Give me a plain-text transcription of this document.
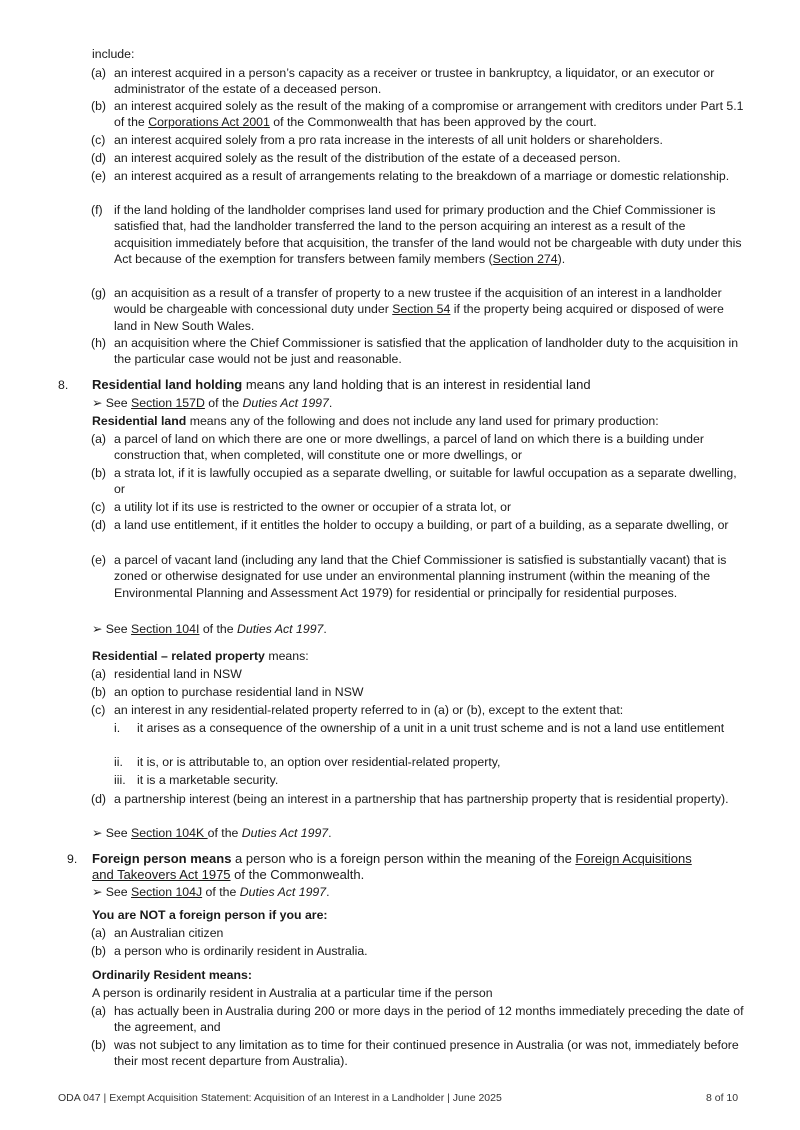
include:
(a) an interest acquired in a person’s capacity as a receiver or trustee in bankruptcy, a liquidator, or an executor or administrator of the estate of a deceased person.
(b) an interest acquired solely as the result of the making of a compromise or arrangement with creditors under Part 5.1 of the Corporations Act 2001 of the Commonwealth that has been approved by the court.
(c) an interest acquired solely from a pro rata increase in the interests of all unit holders or shareholders.
(d) an interest acquired solely as the result of the distribution of the estate of a deceased person.
(e) an interest acquired as a result of arrangements relating to the breakdown of a marriage or domestic relationship.
(f) if the land holding of the landholder comprises land used for primary production and the Chief Commissioner is satisfied that, had the landholder transferred the land to the person acquiring an interest as a result of the acquisition immediately before that acquisition, the transfer of the land would not be chargeable with duty under this Act because of the exemption for transfers between family members (Section 274).
(g) an acquisition as a result of a transfer of property to a new trustee if the acquisition of an interest in a landholder would be chargeable with concessional duty under Section 54 if the property being acquired or disposed of were land in New South Wales.
(h) an acquisition where the Chief Commissioner is satisfied that the application of landholder duty to the acquisition in the particular case would not be just and reasonable.
8. Residential land holding means any land holding that is an interest in residential land
➢ See Section 157D of the Duties Act 1997.
Residential land means any of the following and does not include any land used for primary production:
(a) a parcel of land on which there are one or more dwellings, a parcel of land on which there is a building under construction that, when completed, will constitute one or more dwellings, or
(b) a strata lot, if it is lawfully occupied as a separate dwelling, or suitable for lawful occupation as a separate dwelling, or
(c) a utility lot if its use is restricted to the owner or occupier of a strata lot, or
(d) a land use entitlement, if it entitles the holder to occupy a building, or part of a building, as a separate dwelling, or
(e) a parcel of vacant land (including any land that the Chief Commissioner is satisfied is substantially vacant) that is zoned or otherwise designated for use under an environmental planning instrument (within the meaning of the Environmental Planning and Assessment Act 1979) for residential or principally for residential purposes.
➢ See Section 104I of the Duties Act 1997.
Residential – related property means:
(a) residential land in NSW
(b) an option to purchase residential land in NSW
(c) an interest in any residential-related property referred to in (a) or (b), except to the extent that:
i. it arises as a consequence of the ownership of a unit in a unit trust scheme and is not a land use entitlement
ii. it is, or is attributable to, an option over residential-related property,
iii. it is a marketable security.
(d) a partnership interest (being an interest in a partnership that has partnership property that is residential property).
➢ See Section 104K of the Duties Act 1997.
9. Foreign person means a person who is a foreign person within the meaning of the Foreign Acquisitions
and Takeovers Act 1975 of the Commonwealth.
➢ See Section 104J of the Duties Act 1997.
You are NOT a foreign person if you are:
(a) an Australian citizen
(b) a person who is ordinarily resident in Australia.
Ordinarily Resident means:
A person is ordinarily resident in Australia at a particular time if the person
(a) has actually been in Australia during 200 or more days in the period of 12 months immediately preceding the date of the agreement, and
(b) was not subject to any limitation as to time for their continued presence in Australia (or was not, immediately before their most recent departure from Australia).
ODA 047 | Exempt Acquisition Statement: Acquisition of an Interest in a Landholder | June 2025	8 of 10
